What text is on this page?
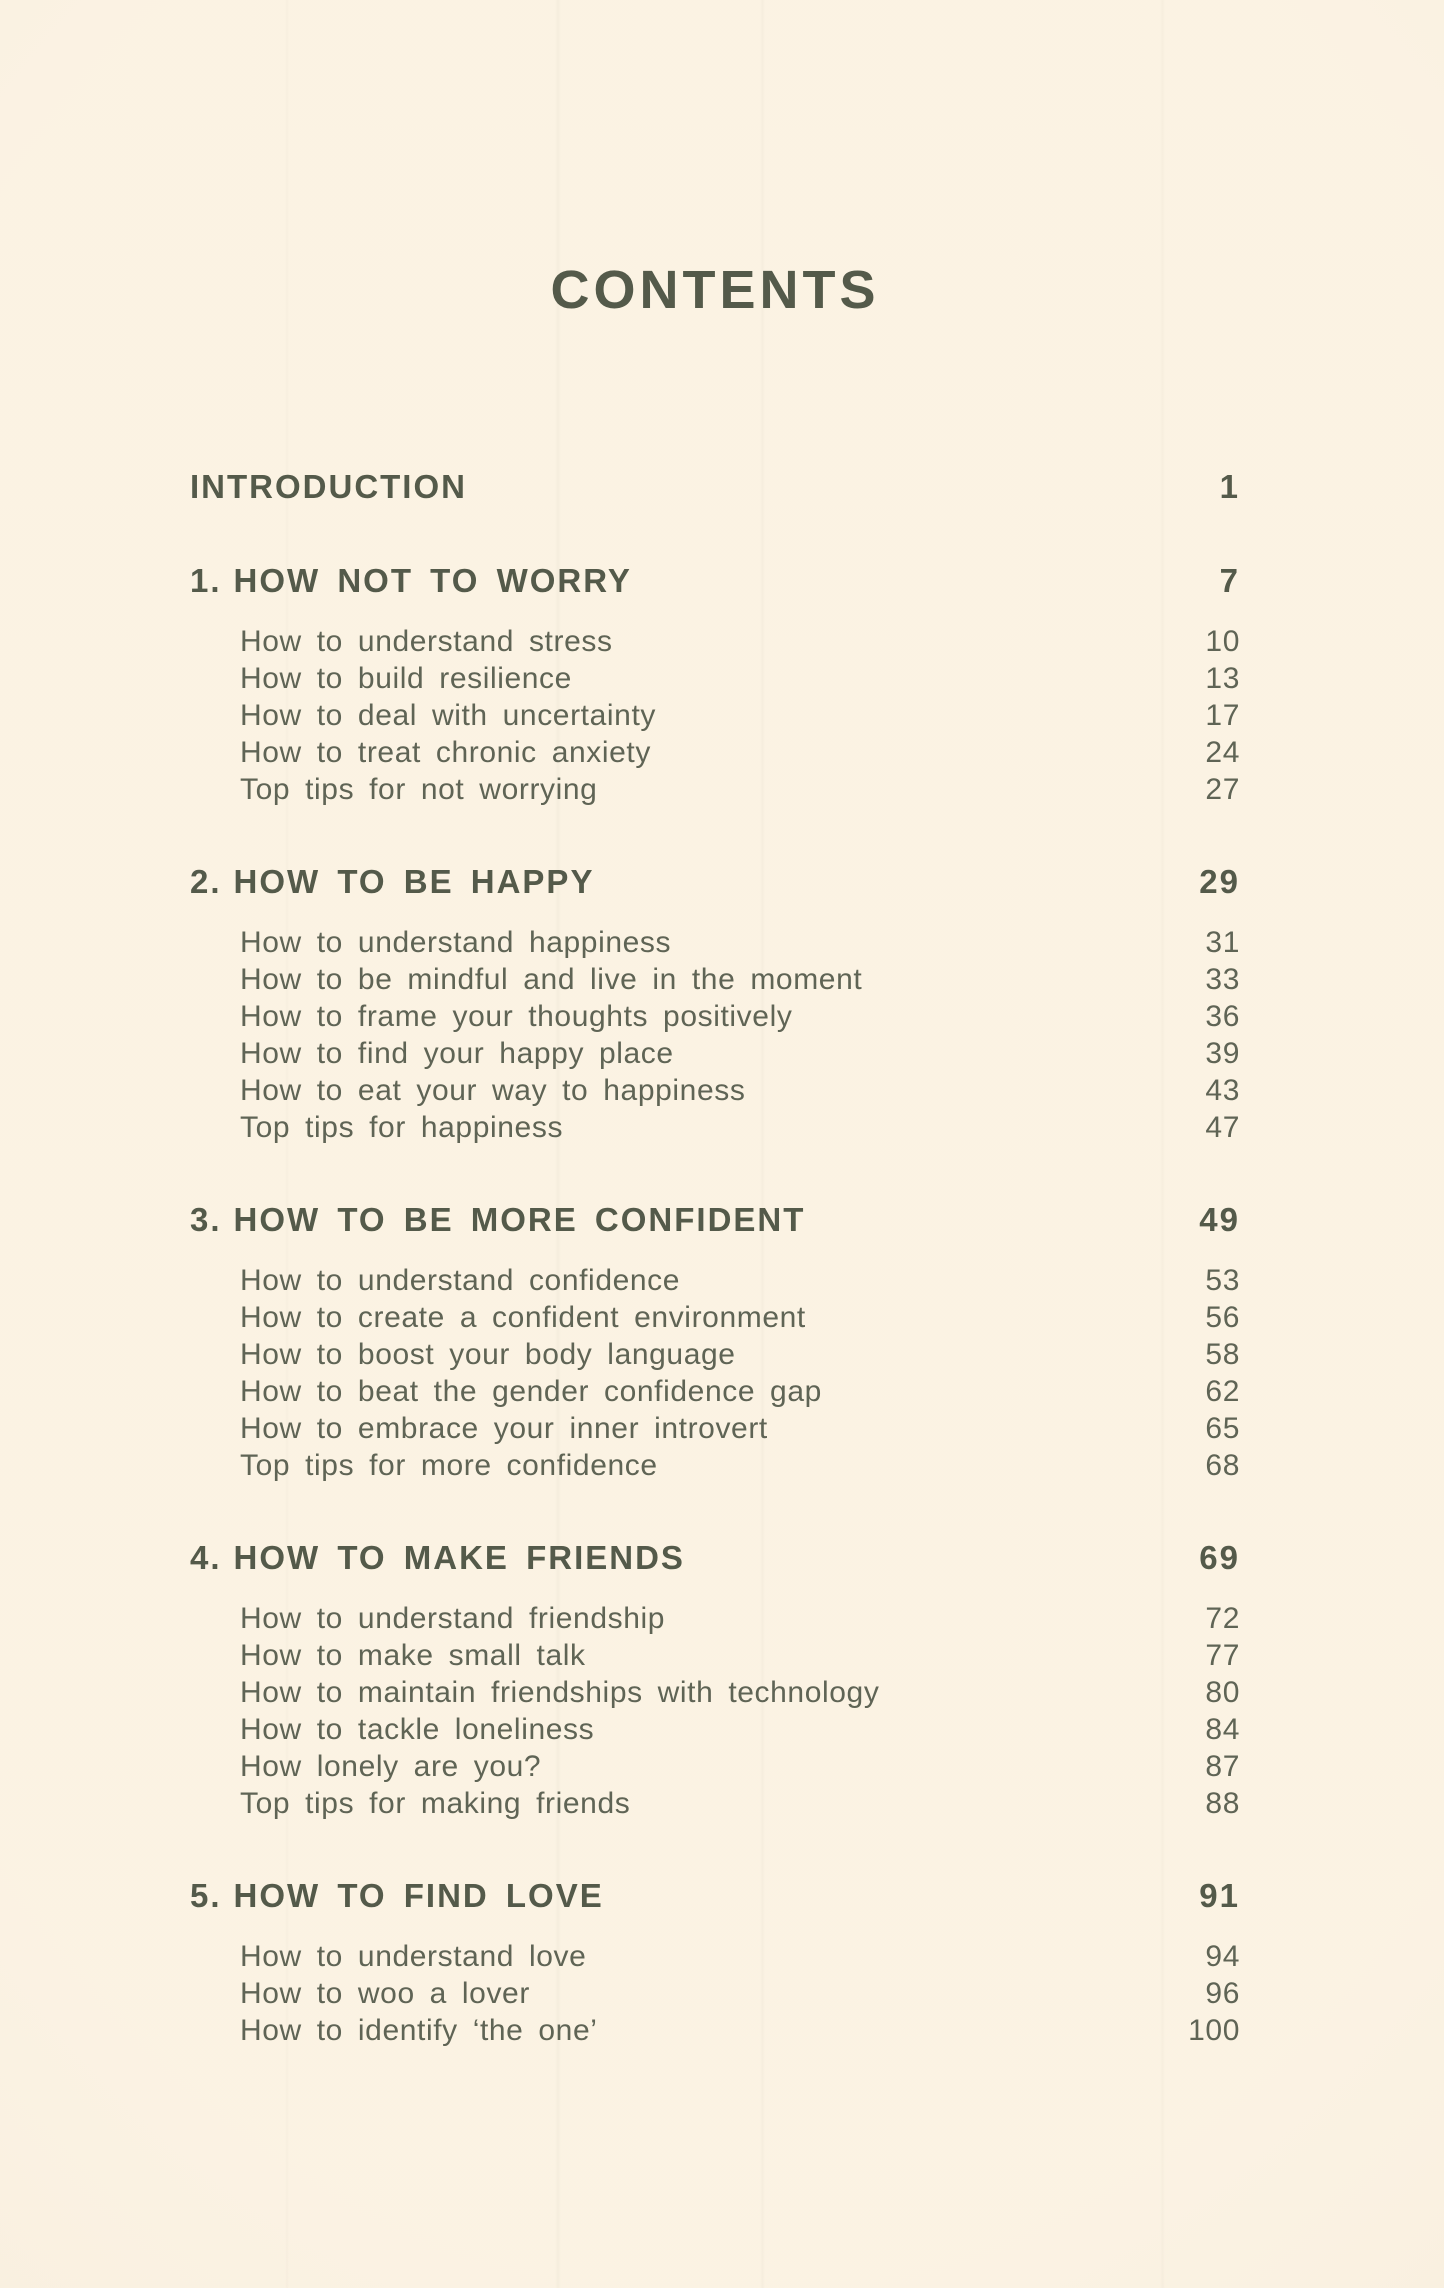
CONTENTS
INTRODUCTION	1
1. HOW NOT TO WORRY	7
How to understand stress	10
How to build resilience	13
How to deal with uncertainty	17
How to treat chronic anxiety	24
Top tips for not worrying	27
2. HOW TO BE HAPPY	29
How to understand happiness	31
How to be mindful and live in the moment	33
How to frame your thoughts positively	36
How to find your happy place	39
How to eat your way to happiness	43
Top tips for happiness	47
3. HOW TO BE MORE CONFIDENT	49
How to understand confidence	53
How to create a confident environment	56
How to boost your body language	58
How to beat the gender confidence gap	62
How to embrace your inner introvert	65
Top tips for more confidence	68
4. HOW TO MAKE FRIENDS	69
How to understand friendship	72
How to make small talk	77
How to maintain friendships with technology	80
How to tackle loneliness	84
How lonely are you?	87
Top tips for making friends	88
5. HOW TO FIND LOVE	91
How to understand love	94
How to woo a lover	96
How to identify ‘the one’	100
